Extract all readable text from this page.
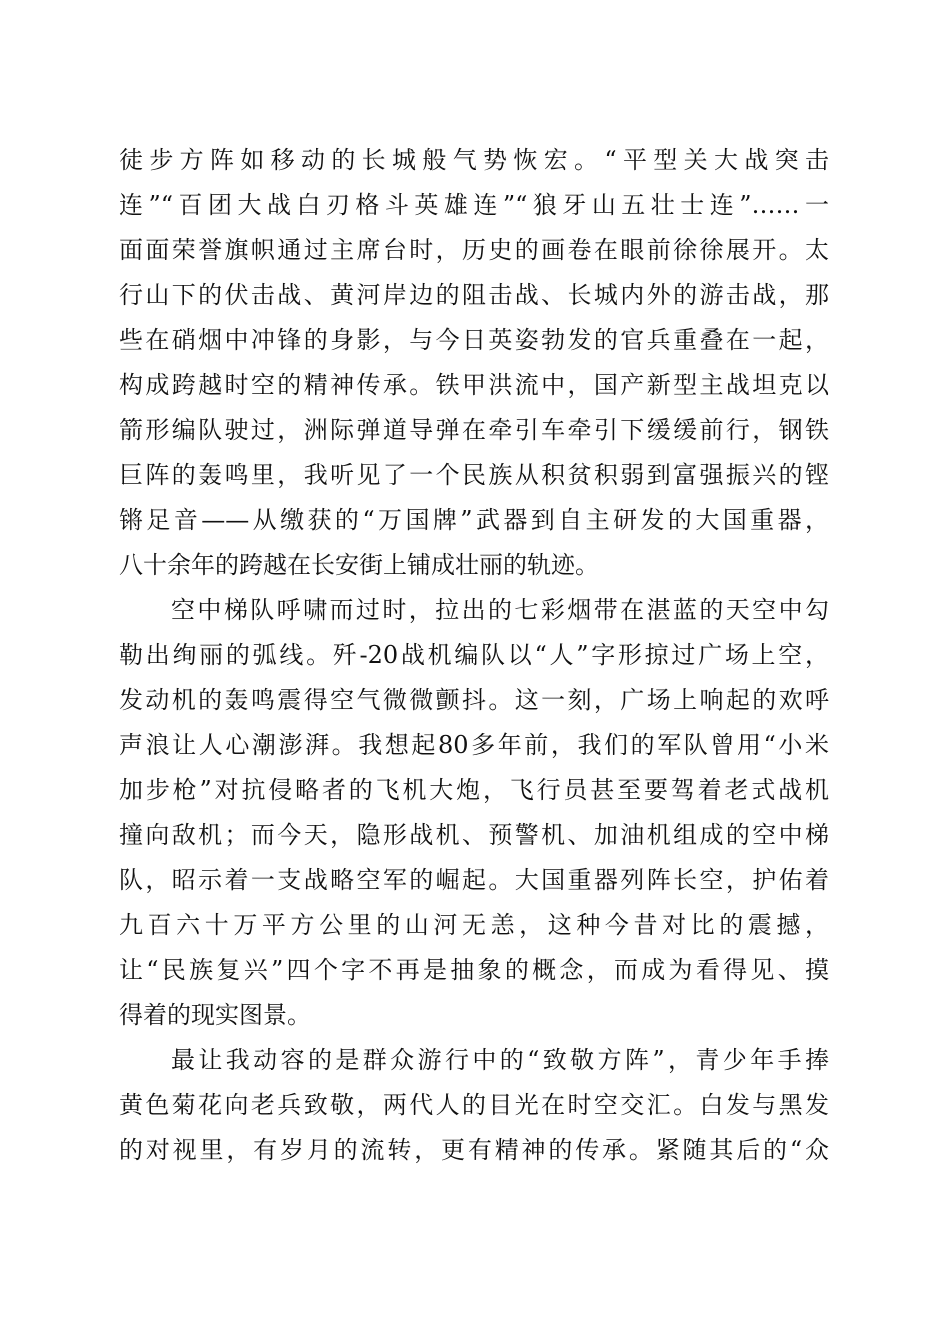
徒步方阵如移动的长城般气势恢宏。“平型关大战突击
连”“百团大战白刃格斗英雄连”“狼牙山五壮士连”……一
面面荣誉旗帜通过主席台时，历史的画卷在眼前徐徐展开。太
行山下的伏击战、黄河岸边的阻击战、长城内外的游击战，那
些在硝烟中冲锋的身影，与今日英姿勃发的官兵重叠在一起，
构成跨越时空的精神传承。铁甲洪流中，国产新型主战坦克以
箭形编队驶过，洲际弹道导弹在牵引车牵引下缓缓前行，钢铁
巨阵的轰鸣里，我听见了一个民族从积贫积弱到富强振兴的铿
锵足音——从缴获的“万国牌”武器到自主研发的大国重器，
八十余年的跨越在长安街上铺成壮丽的轨迹。
空中梯队呼啸而过时，拉出的七彩烟带在湛蓝的天空中勾
勒出绚丽的弧线。歼-20战机编队以“人”字形掠过广场上空，
发动机的轰鸣震得空气微微颤抖。这一刻，广场上响起的欢呼
声浪让人心潮澎湃。我想起80多年前，我们的军队曾用“小米
加步枪”对抗侵略者的飞机大炮，飞行员甚至要驾着老式战机
撞向敌机；而今天，隐形战机、预警机、加油机组成的空中梯
队，昭示着一支战略空军的崛起。大国重器列阵长空，护佑着
九百六十万平方公里的山河无恙，这种今昔对比的震撼，
让“民族复兴”四个字不再是抽象的概念，而成为看得见、摸
得着的现实图景。
最让我动容的是群众游行中的“致敬方阵”，青少年手捧
黄色菊花向老兵致敬，两代人的目光在时空交汇。白发与黑发
的对视里，有岁月的流转，更有精神的传承。紧随其后的“众
